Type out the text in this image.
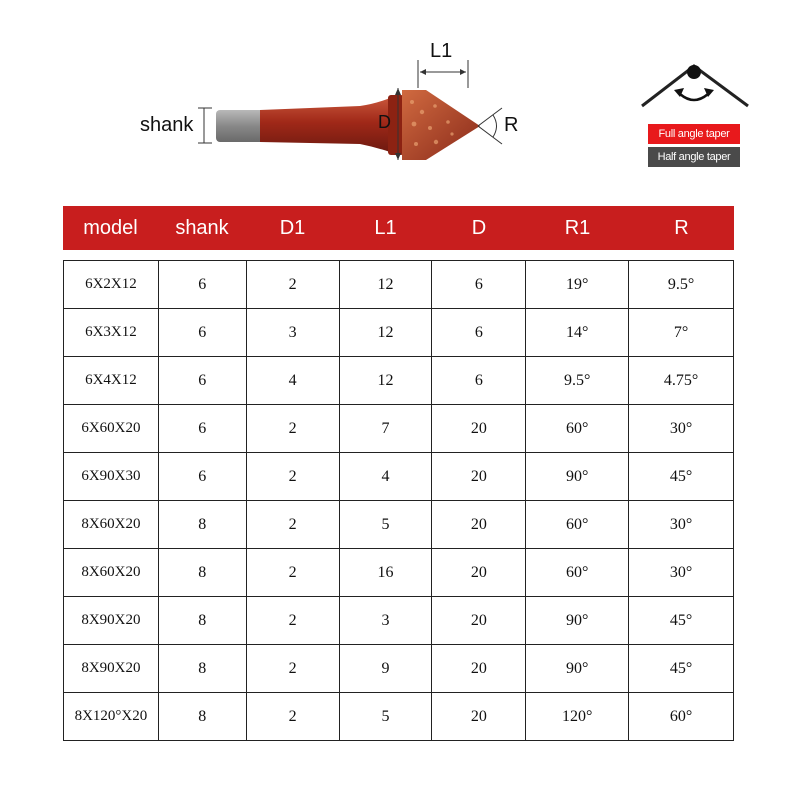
shank
L1
R
D
Full angle taper
Half angle taper
model	shank	D1	L1	D	R1	R
6X2X12	6	2	12	6	19°	9.5°
6X3X12	6	3	12	6	14°	7°
6X4X12	6	4	12	6	9.5°	4.75°
6X60X20	6	2	7	20	60°	30°
6X90X30	6	2	4	20	90°	45°
8X60X20	8	2	5	20	60°	30°
8X60X20	8	2	16	20	60°	30°
8X90X20	8	2	3	20	90°	45°
8X90X20	8	2	9	20	90°	45°
8X120°X20	8	2	5	20	120°	60°
